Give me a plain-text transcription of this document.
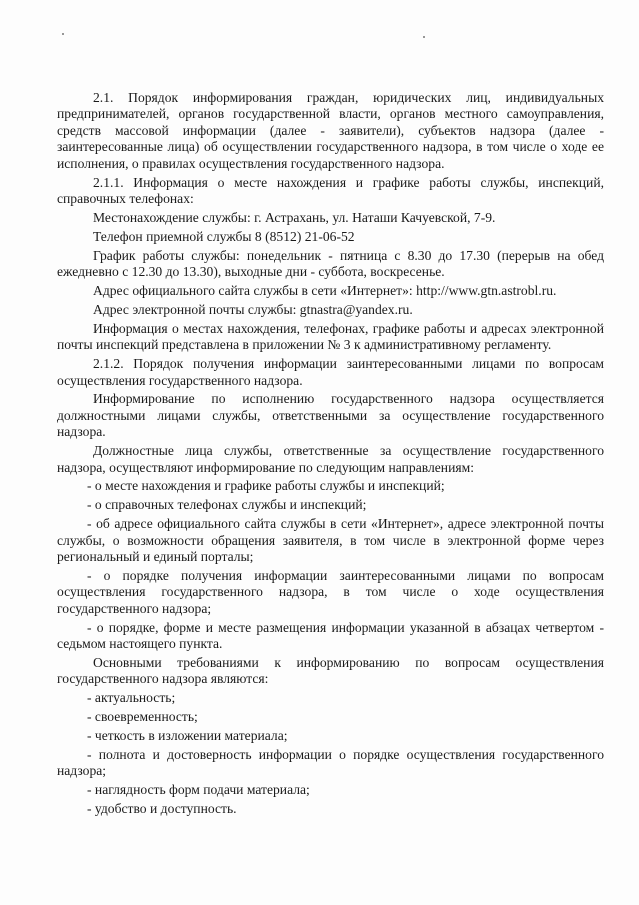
2.1. Порядок информирования граждан, юридических лиц, индивидуальных предпринимателей, органов государственной власти, органов местного самоуправления, средств массовой информации (далее - заявители), субъектов надзора (далее - заинтересованные лица) об осуществлении государственного надзора, в том числе о ходе ее исполнения, о правилах осуществления государственного надзора.

2.1.1. Информация о месте нахождения и графике работы службы, инспекций, справочных телефонах:

Местонахождение службы: г. Астрахань, ул. Наташи Качуевской, 7-9.

Телефон приемной службы 8 (8512) 21-06-52

График работы службы: понедельник - пятница с 8.30 до 17.30 (перерыв на обед ежедневно с 12.30 до 13.30), выходные дни - суббота, воскресенье.

Адрес официального сайта службы в сети «Интернет»: http://www.gtn.astrobl.ru.

Адрес электронной почты службы: gtnastra@yandex.ru.

Информация о местах нахождения, телефонах, графике работы и адресах электронной почты инспекций представлена в приложении № 3 к административному регламенту.

2.1.2. Порядок получения информации заинтересованными лицами по вопросам осуществления государственного надзора.

Информирование по исполнению государственного надзора осуществляется должностными лицами службы, ответственными за осуществление государственного надзора.

Должностные лица службы, ответственные за осуществление государственного надзора, осуществляют информирование по следующим направлениям:

- о месте нахождения и графике работы службы и инспекций;

- о справочных телефонах службы и инспекций;

- об адресе официального сайта службы в сети «Интернет», адресе электронной почты службы, о возможности обращения заявителя, в том числе в электронной форме через региональный и единый порталы;

- о порядке получения информации заинтересованными лицами по вопросам осуществления государственного надзора, в том числе о ходе осуществления государственного надзора;

- о порядке, форме и месте размещения информации указанной в абзацах четвертом - седьмом настоящего пункта.

Основными требованиями к информированию по вопросам осуществления государственного надзора являются:

- актуальность;

- своевременность;

- четкость в изложении материала;

- полнота и достоверность информации о порядке осуществления государственного надзора;

- наглядность форм подачи материала;

- удобство и доступность.
